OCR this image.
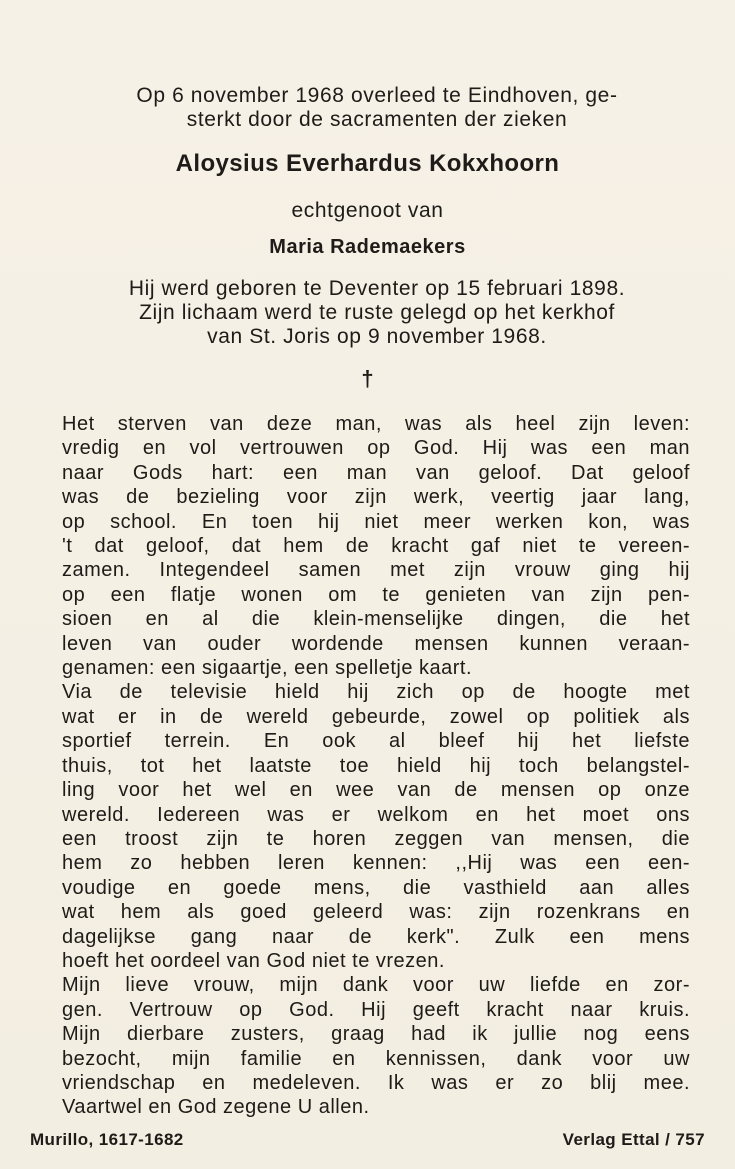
Op 6 november 1968 overleed te Eindhoven, ge-
sterkt door de sacramenten der zieken
Aloysius Everhardus Kokxhoorn
echtgenoot van
Maria Rademaekers
Hij werd geboren te Deventer op 15 februari 1898.
Zijn lichaam werd te ruste gelegd op het kerkhof
van St. Joris op 9 november 1968.
†
Het sterven van deze man, was als heel zijn leven:
vredig en vol vertrouwen op God. Hij was een man
naar Gods hart: een man van geloof. Dat geloof
was de bezieling voor zijn werk, veertig jaar lang,
op school. En toen hij niet meer werken kon, was
't dat geloof, dat hem de kracht gaf niet te vereen-
zamen. Integendeel samen met zijn vrouw ging hij
op een flatje wonen om te genieten van zijn pen-
sioen en al die klein-menselijke dingen, die het
leven van ouder wordende mensen kunnen veraan-
genamen: een sigaartje, een spelletje kaart.
Via de televisie hield hij zich op de hoogte met
wat er in de wereld gebeurde, zowel op politiek als
sportief terrein. En ook al bleef hij het liefste
thuis, tot het laatste toe hield hij toch belangstel-
ling voor het wel en wee van de mensen op onze
wereld. Iedereen was er welkom en het moet ons
een troost zijn te horen zeggen van mensen, die
hem zo hebben leren kennen: ,,Hij was een een-
voudige en goede mens, die vasthield aan alles
wat hem als goed geleerd was: zijn rozenkrans en
dagelijkse gang naar de kerk". Zulk een mens
hoeft het oordeel van God niet te vrezen.
Mijn lieve vrouw, mijn dank voor uw liefde en zor-
gen. Vertrouw op God. Hij geeft kracht naar kruis.
Mijn dierbare zusters, graag had ik jullie nog eens
bezocht, mijn familie en kennissen, dank voor uw
vriendschap en medeleven. Ik was er zo blij mee.
Vaartwel en God zegene U allen.
Murillo, 1617-1682	Verlag Ettal / 757
